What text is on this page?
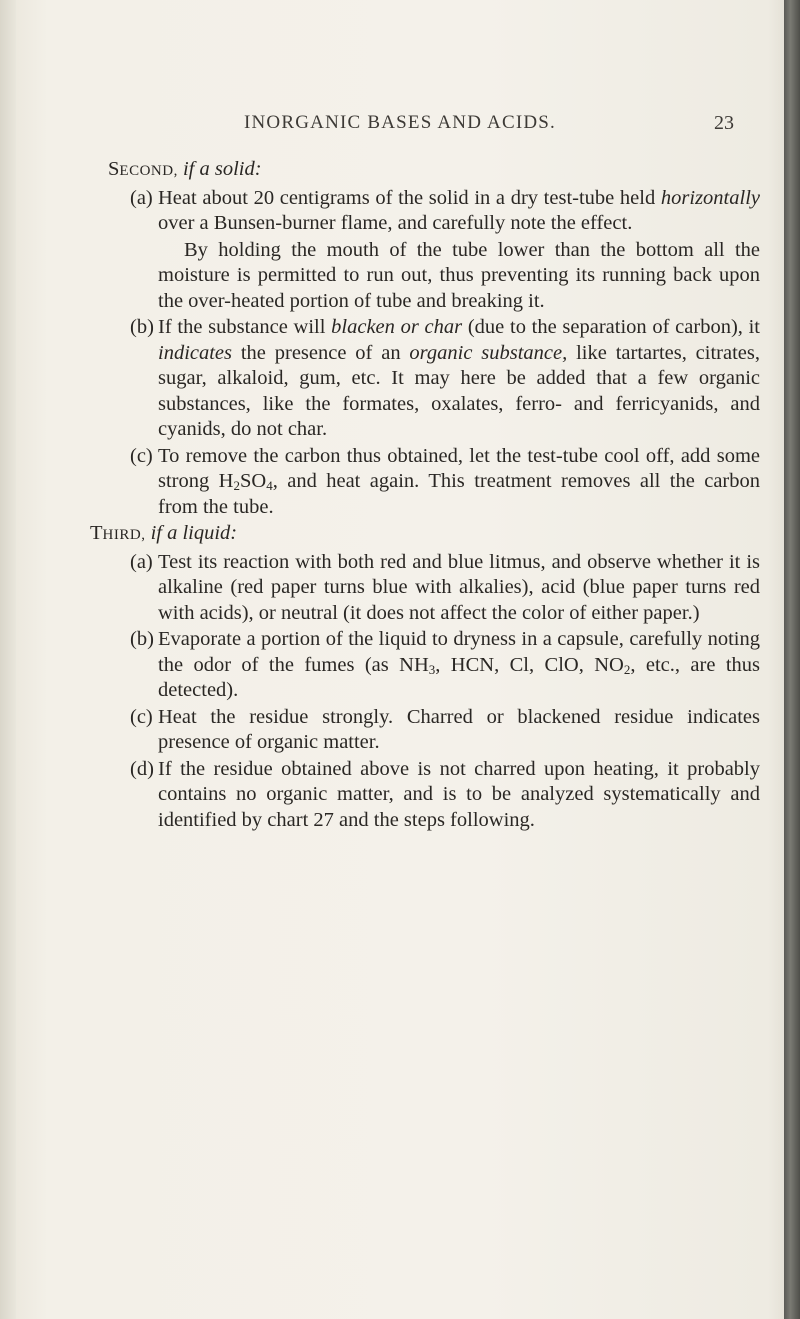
INORGANIC BASES AND ACIDS.	23

SECOND, if a solid:

(a) Heat about 20 centigrams of the solid in a dry test-tube held horizontally over a Bunsen-burner flame, and carefully note the effect.
By holding the mouth of the tube lower than the bottom all the moisture is permitted to run out, thus preventing its running back upon the over-heated portion of tube and breaking it.
(b) If the substance will blacken or char (due to the separation of carbon), it indicates the presence of an organic substance, like tartartes, citrates, sugar, alkaloid, gum, etc. It may here be added that a few organic substances, like the formates, oxalates, ferro- and ferricyanids, and cyanids, do not char.
(c) To remove the carbon thus obtained, let the test-tube cool off, add some strong $H_2SO_4$, and heat again. This treatment removes all the carbon from the tube.

THIRD, if a liquid:

(a) Test its reaction with both red and blue litmus, and observe whether it is alkaline (red paper turns blue with alkalies), acid (blue paper turns red with acids), or neutral (it does not affect the color of either paper.)
(b) Evaporate a portion of the liquid to dryness in a capsule, carefully noting the odor of the fumes (as $NH_3$, HCN, Cl, ClO, $NO_2$, etc., are thus detected).
(c) Heat the residue strongly. Charred or blackened residue indicates presence of organic matter.
(d) If the residue obtained above is not charred upon heating, it probably contains no organic matter, and is to be analyzed systematically and identified by chart 27 and the steps following.
